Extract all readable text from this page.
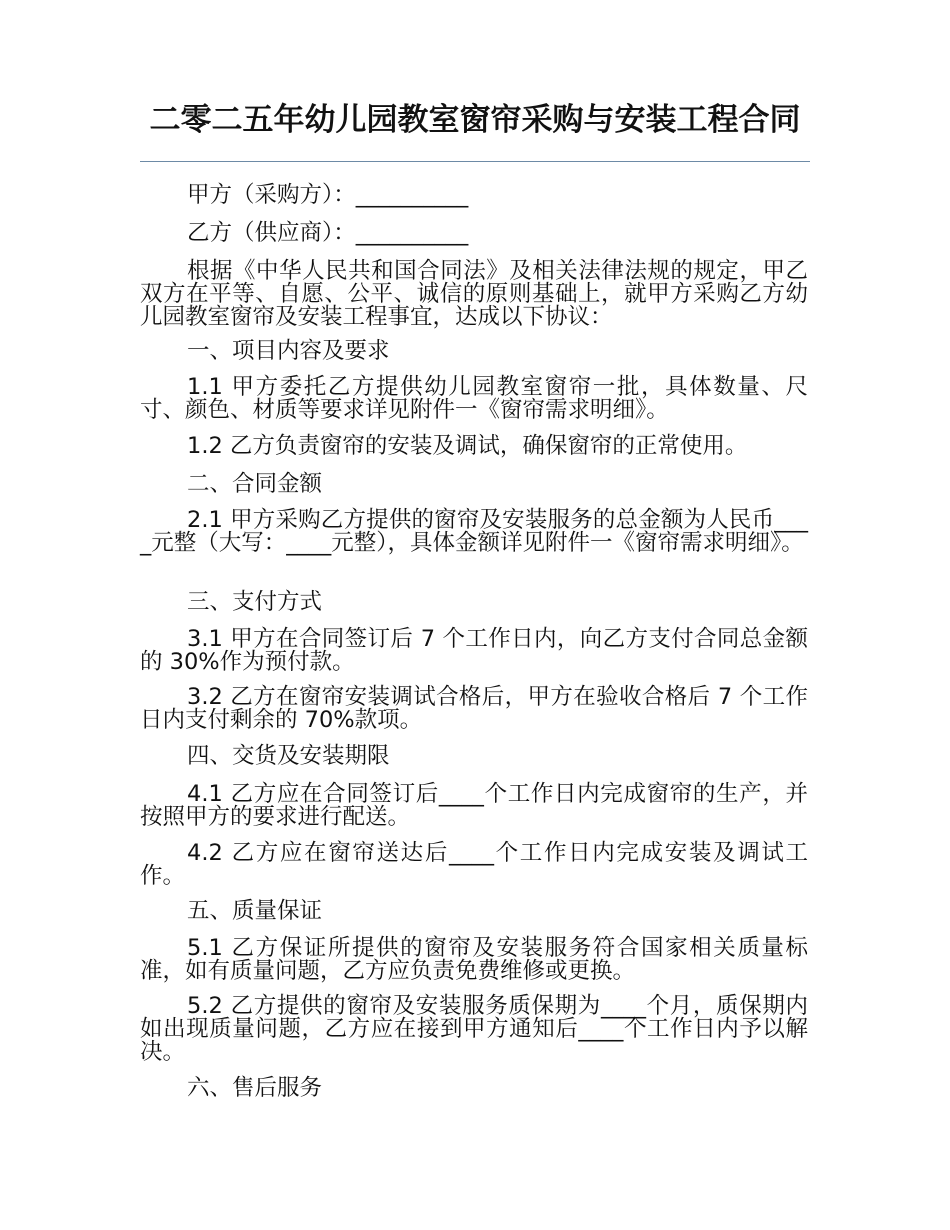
二零二五年幼儿园教室窗帘采购与安装工程合同

甲方（采购方）：__________

乙方（供应商）：__________

根据《中华人民共和国合同法》及相关法律法规的规定，甲乙双方在平等、自愿、公平、诚信的原则基础上，就甲方采购乙方幼儿园教室窗帘及安装工程事宜，达成以下协议：

一、项目内容及要求

1.1 甲方委托乙方提供幼儿园教室窗帘一批，具体数量、尺寸、颜色、材质等要求详见附件一《窗帘需求明细》。

1.2 乙方负责窗帘的安装及调试，确保窗帘的正常使用。

二、合同金额

2.1 甲方采购乙方提供的窗帘及安装服务的总金额为人民币____元整（大写：____元整），具体金额详见附件一《窗帘需求明细》。

三、支付方式

3.1 甲方在合同签订后 7 个工作日内，向乙方支付合同总金额的 30%作为预付款。

3.2 乙方在窗帘安装调试合格后，甲方在验收合格后 7 个工作日内支付剩余的 70%款项。

四、交货及安装期限

4.1 乙方应在合同签订后____个工作日内完成窗帘的生产，并按照甲方的要求进行配送。

4.2 乙方应在窗帘送达后____个工作日内完成安装及调试工作。

五、质量保证

5.1 乙方保证所提供的窗帘及安装服务符合国家相关质量标准，如有质量问题，乙方应负责免费维修或更换。

5.2 乙方提供的窗帘及安装服务质保期为____个月，质保期内如出现质量问题，乙方应在接到甲方通知后____个工作日内予以解决。

六、售后服务
